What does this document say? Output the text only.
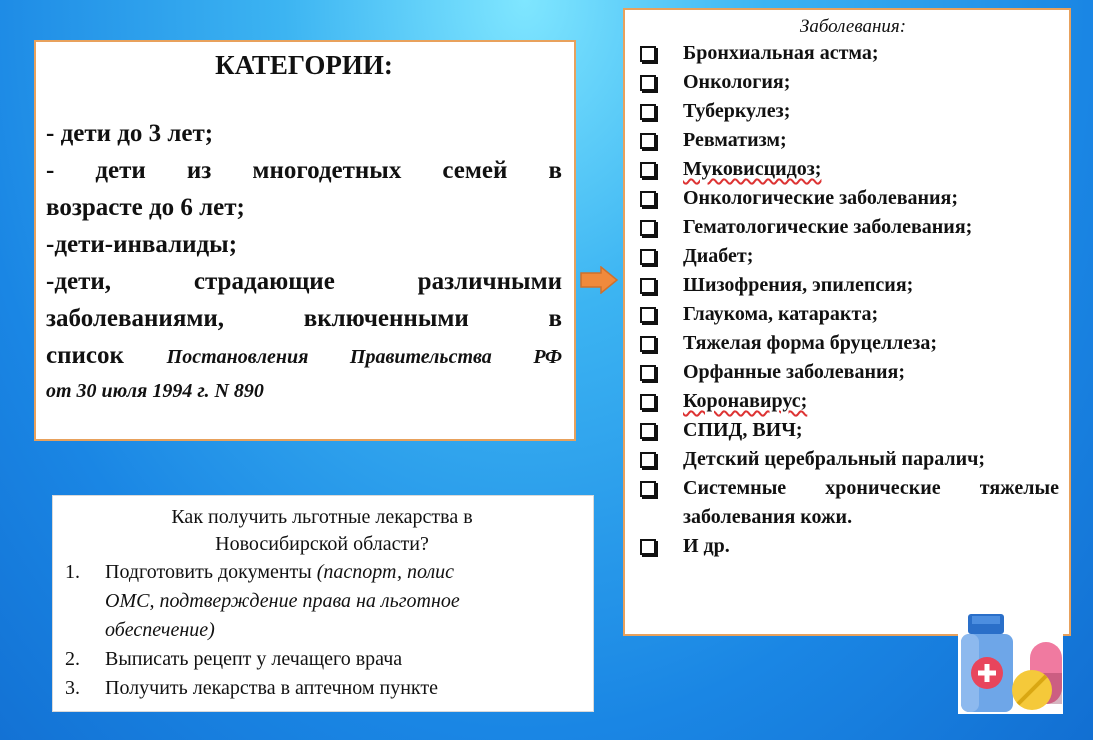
КАТЕГОРИИ:
- дети до 3 лет;
- дети из многодетных семей в
возрасте до 6 лет;
-дети-инвалиды;
-дети, страдающие различными
заболеваниями, включенными в
список Постановления Правительства РФ
от 30 июля 1994 г. N 890
Заболевания:
Бронхиальная астма;
Онкология;
Туберкулез;
Ревматизм;
Муковисцидоз;
Онкологические заболевания;
Гематологические заболевания;
Диабет;
Шизофрения, эпилепсия;
Глаукома, катаракта;
Тяжелая форма бруцеллеза;
Орфанные заболевания;
Коронавирус;
СПИД, ВИЧ;
Детский церебральный паралич;
Системные хронические тяжелые заболевания кожи.
И др.
Как получить льготные лекарства в
Новосибирской области?
1.	Подготовить документы (паспорт, полис
ОМС, подтверждение права на льготное
обеспечение)
2.	Выписать рецепт у лечащего врача
3.	Получить лекарства в аптечном пункте
